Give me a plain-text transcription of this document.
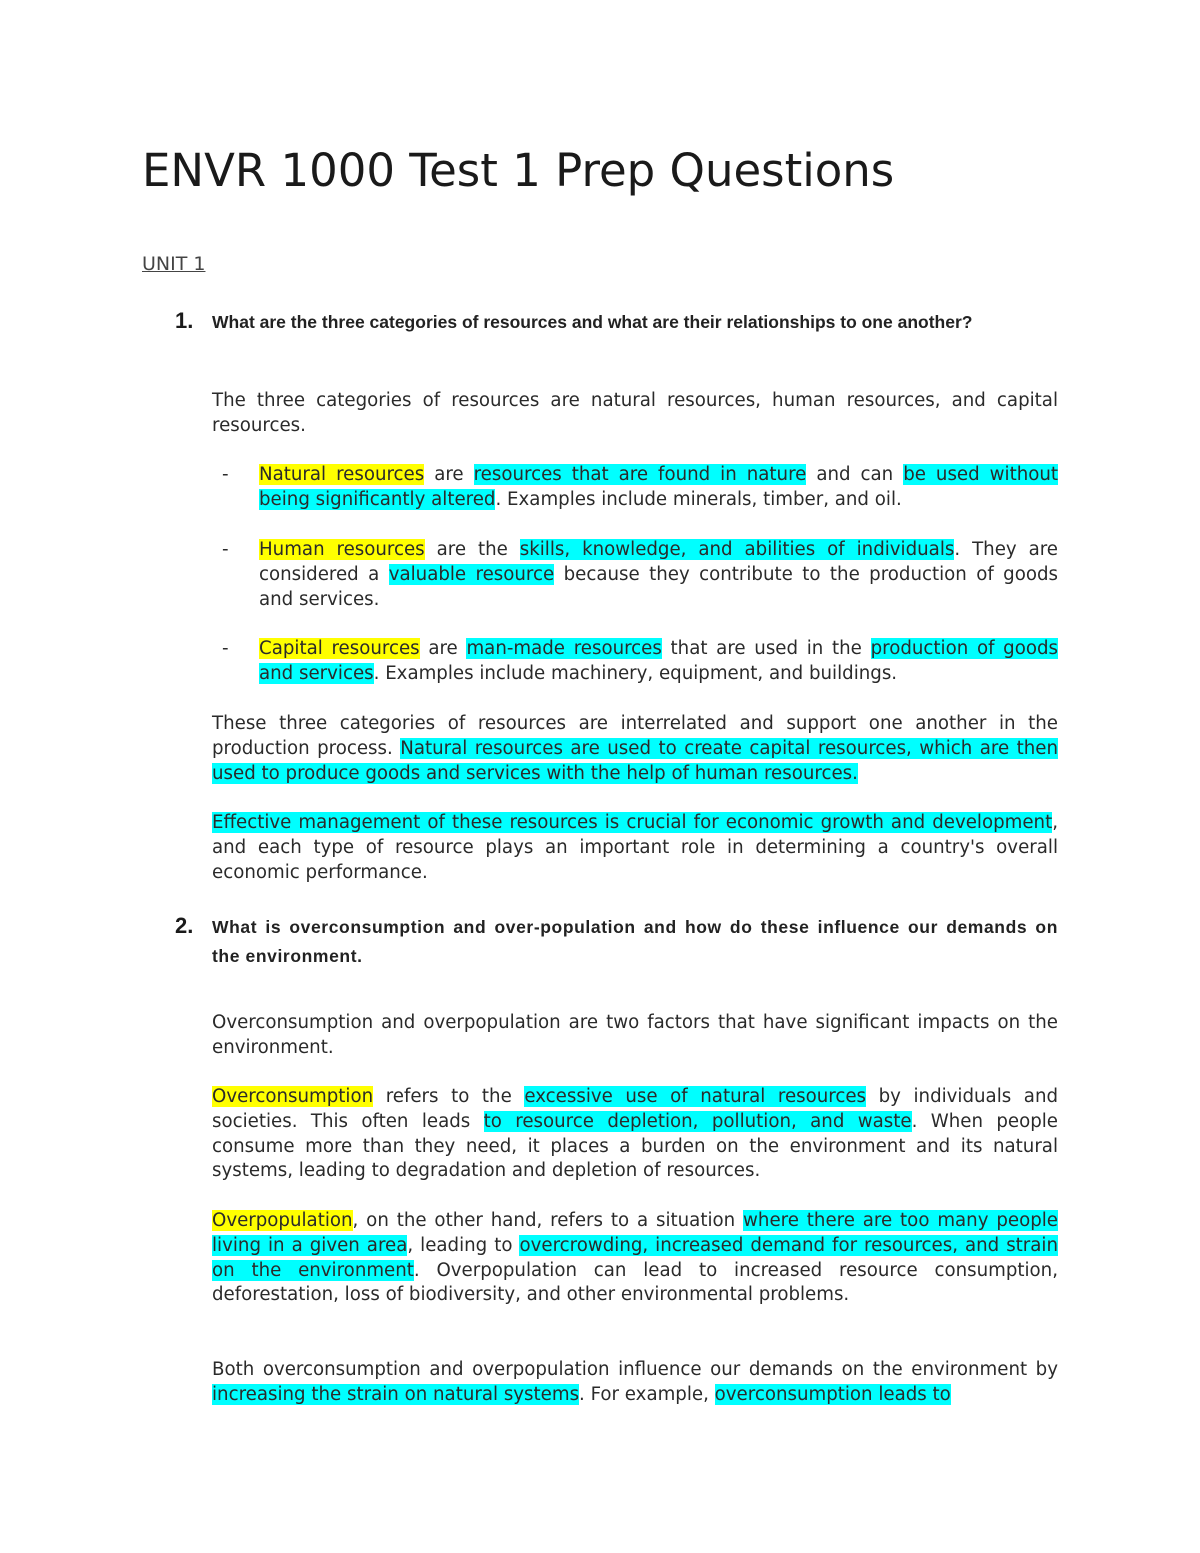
ENVR 1000 Test 1 Prep Questions
UNIT 1
1. What are the three categories of resources and what are their relationships to one another?

The three categories of resources are natural resources, human resources, and capital resources.

- Natural resources are resources that are found in nature and can be used without being significantly altered. Examples include minerals, timber, and oil.

- Human resources are the skills, knowledge, and abilities of individuals. They are considered a valuable resource because they contribute to the production of goods and services.

- Capital resources are man-made resources that are used in the production of goods and services. Examples include machinery, equipment, and buildings.

These three categories of resources are interrelated and support one another in the production process. Natural resources are used to create capital resources, which are then used to produce goods and services with the help of human resources.

Effective management of these resources is crucial for economic growth and development, and each type of resource plays an important role in determining a country's overall economic performance.

2. What is overconsumption and over-population and how do these influence our demands on the environment.

Overconsumption and overpopulation are two factors that have significant impacts on the environment.

Overconsumption refers to the excessive use of natural resources by individuals and societies. This often leads to resource depletion, pollution, and waste. When people consume more than they need, it places a burden on the environment and its natural systems, leading to degradation and depletion of resources.

Overpopulation, on the other hand, refers to a situation where there are too many people living in a given area, leading to overcrowding, increased demand for resources, and strain on the environment. Overpopulation can lead to increased resource consumption, deforestation, loss of biodiversity, and other environmental problems.

Both overconsumption and overpopulation influence our demands on the environment by increasing the strain on natural systems. For example, overconsumption leads to
